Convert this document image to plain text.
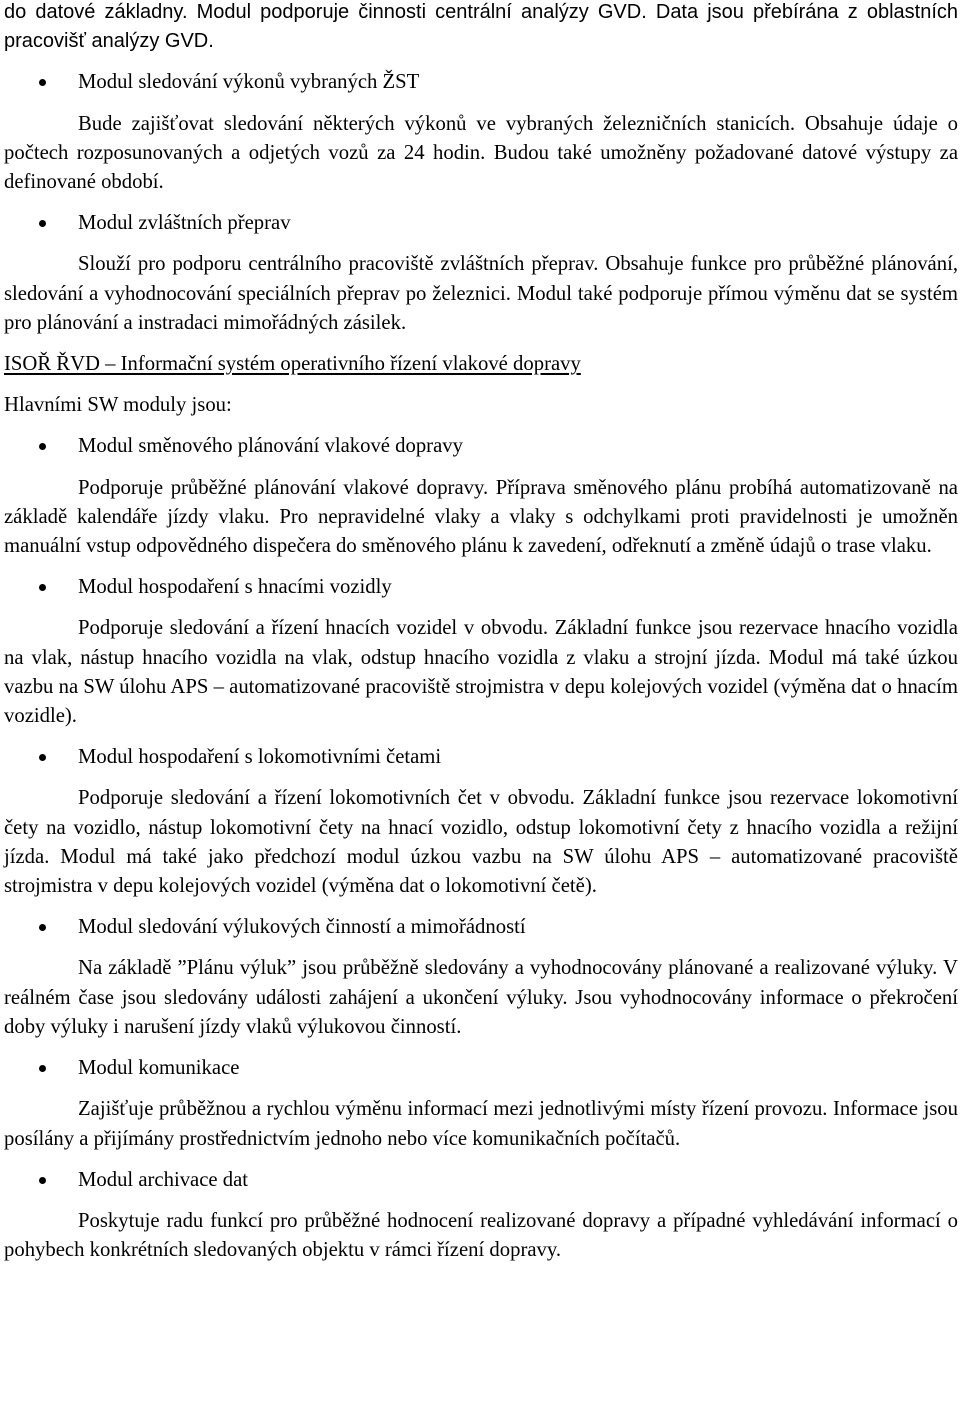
do datové základny. Modul podporuje činnosti centrální analýzy GVD. Data jsou přebírána z oblastních pracovišť analýzy GVD.

Modul sledování výkonů vybraných ŽST

Bude zajišťovat sledování některých výkonů ve vybraných železničních stanicích. Obsahuje údaje o počtech rozposunovaných a odjetých vozů za 24 hodin. Budou také umožněny požadované datové výstupy za definované období.

Modul zvláštních přeprav

Slouží pro podporu centrálního pracoviště zvláštních přeprav. Obsahuje funkce pro průběžné plánování, sledování a vyhodnocování speciálních přeprav po železnici. Modul také podporuje přímou výměnu dat se systém pro plánování a instradaci mimořádných zásilek.

ISOŘ ŘVD – Informační systém operativního řízení vlakové dopravy

Hlavními SW moduly jsou:

Modul směnového plánování vlakové dopravy

Podporuje průběžné plánování vlakové dopravy. Příprava směnového plánu probíhá automatizovaně na základě kalendáře jízdy vlaku. Pro nepravidelné vlaky a vlaky s odchylkami proti pravidelnosti je umožněn manuální vstup odpovědného dispečera do směnového plánu k zavedení, odřeknutí a změně údajů o trase vlaku.

Modul hospodaření s hnacími vozidly

Podporuje sledování a řízení hnacích vozidel v obvodu. Základní funkce jsou rezervace hnacího vozidla na vlak, nástup hnacího vozidla na vlak, odstup hnacího vozidla z vlaku a strojní jízda. Modul má také úzkou vazbu na SW úlohu APS – automatizované pracoviště strojmistra v depu kolejových vozidel (výměna dat o hnacím vozidle).

Modul hospodaření s lokomotivními četami

Podporuje sledování a řízení lokomotivních čet v obvodu. Základní funkce jsou rezervace lokomotivní čety na vozidlo, nástup lokomotivní čety na hnací vozidlo, odstup lokomotivní čety z hnacího vozidla a režijní jízda. Modul má také jako předchozí modul úzkou vazbu na SW úlohu APS – automatizované pracoviště strojmistra v depu kolejových vozidel (výměna dat o lokomotivní četě).

Modul sledování výlukových činností a mimořádností

Na základě ”Plánu výluk” jsou průběžně sledovány a vyhodnocovány plánované a realizované výluky. V reálném čase jsou sledovány události zahájení a ukončení výluky. Jsou vyhodnocovány informace o překročení doby výluky i narušení jízdy vlaků výlukovou činností.

Modul komunikace

Zajišťuje průběžnou a rychlou výměnu informací mezi jednotlivými místy řízení provozu. Informace jsou posílány a přijímány prostřednictvím jednoho nebo více komunikačních počítačů.

Modul archivace dat

Poskytuje radu funkcí pro průběžné hodnocení realizované dopravy a případné vyhledávání informací o pohybech konkrétních sledovaných objektu v rámci řízení dopravy.
